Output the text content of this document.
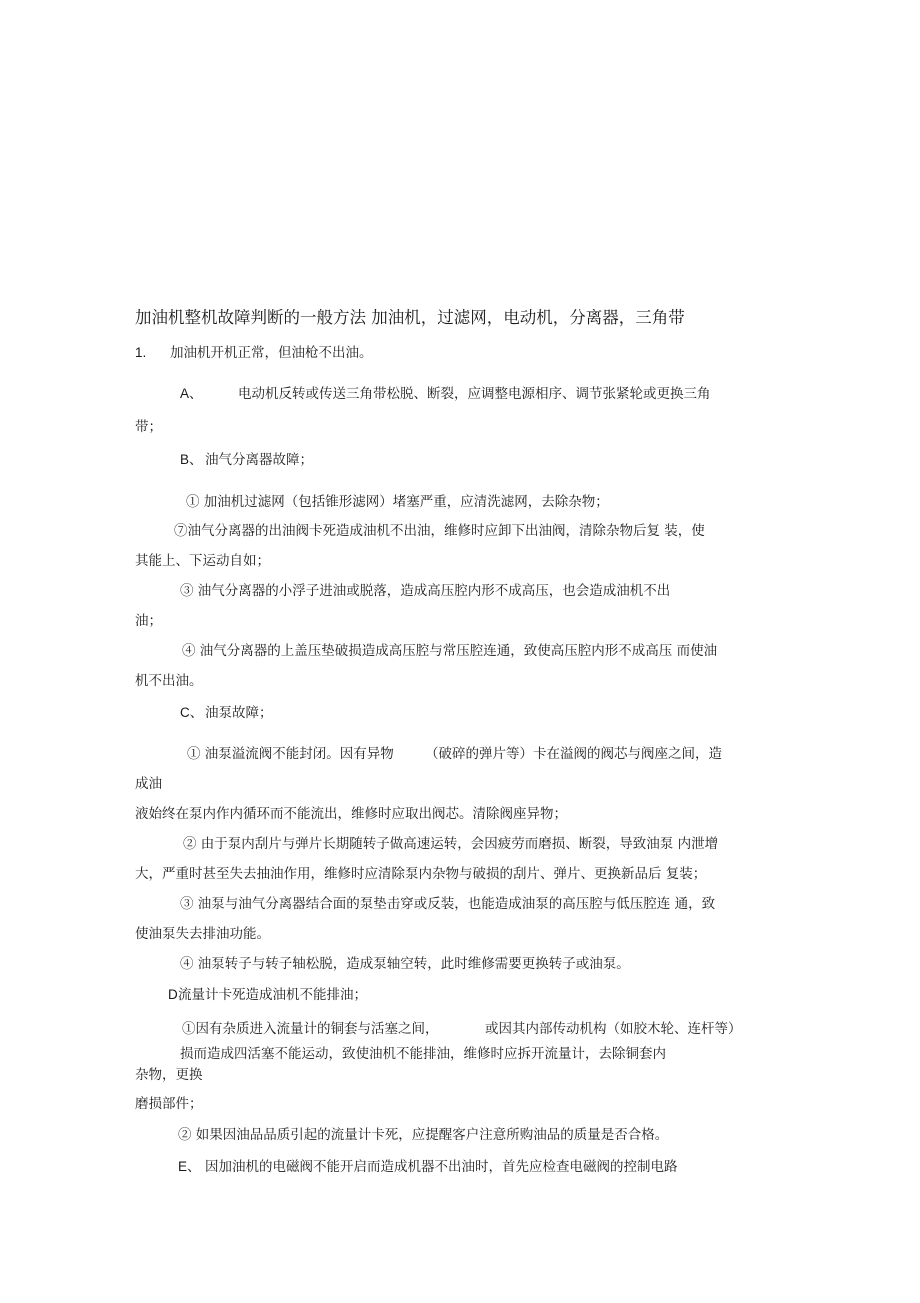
加油机整机故障判断的一般方法 加油机，过滤网，电动机，分离器，三角带
1. 加油机开机正常，但油枪不出油。
A、	电动机反转或传送三角带松脱、断裂，应调整电源相序、调节张紧轮或更换三角
带；
B、 油气分离器故障；
① 加油机过滤网（包括锥形滤网）堵塞严重，应清洗滤网，去除杂物；
⑦油气分离器的出油阀卡死造成油机不出油，维修时应卸下出油阀，清除杂物后复 装，使
其能上、下运动自如；
③ 油气分离器的小浮子进油或脱落，造成高压腔内形不成高压，也会造成油机不出
油；
④ 油气分离器的上盖压垫破损造成高压腔与常压腔连通，致使高压腔内形不成高压 而使油
机不出油。
C、 油泵故障；
① 油泵溢流阀不能封闭。因有异物 （破碎的弹片等）卡在溢阀的阀芯与阀座之间，造
成油
液始终在泵内作内循环而不能流出，维修时应取出阀芯。清除阀座异物；
② 由于泵内刮片与弹片长期随转子做高速运转，会因疲劳而磨损、断裂，导致油泵 内泄增
大，严重时甚至失去抽油作用，维修时应清除泵内杂物与破损的刮片、弹片、更换新品后 复装；
③ 油泵与油气分离器结合面的泵垫击穿或反装，也能造成油泵的高压腔与低压腔连 通，致
使油泵失去排油功能。
④ 油泵转子与转子轴松脱，造成泵轴空转，此时维修需要更换转子或油泵。
D 流量计卡死造成油机不能排油；
①因有杂质进入流量计的铜套与活塞之间，	或因其内部传动机构（如胶木轮、连杆等）
损而造成四活塞不能运动，致使油机不能排油，维修时应拆开流量计，去除铜套内
杂物，更换
磨损部件；
② 如果因油品品质引起的流量计卡死，应提醒客户注意所购油品的质量是否合格。
E、 因加油机的电磁阀不能开启而造成机器不出油时，首先应检查电磁阀的控制电路
